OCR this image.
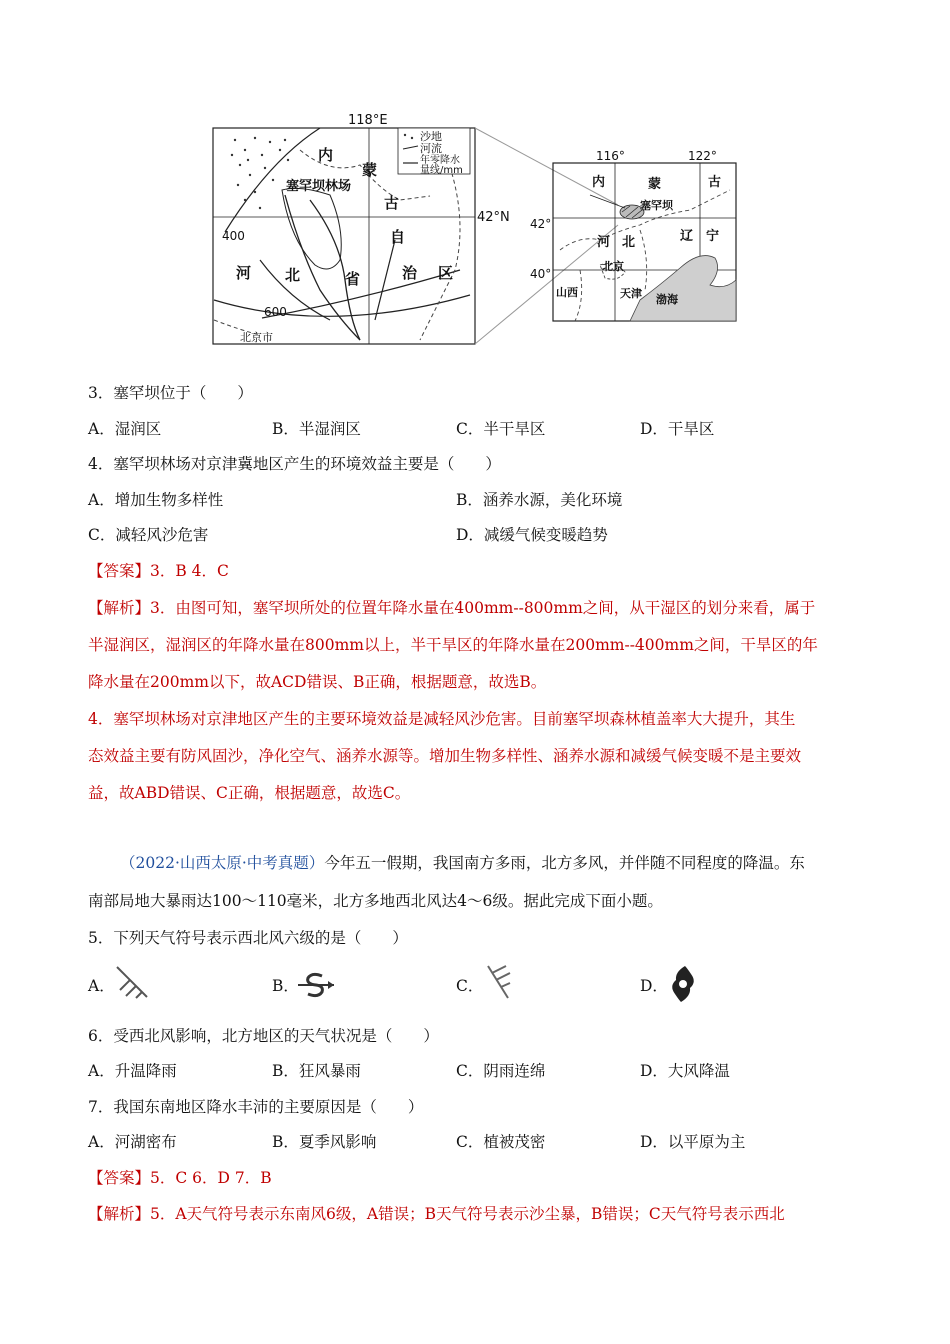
沙地
河流
年零降水
量线/mm
118°E
42°N
内
蒙
古
自
治 区
河 北	省
塞罕坝林场
400
600
北京市
116°	122°
42°
40°
内	蒙	古
塞罕坝
河 北	辽 宁
北京
天津
山西
渤海
3．塞罕坝位于（　　）
A．湿润区	B．半湿润区	C．半干旱区	D．干旱区
4．塞罕坝林场对京津冀地区产生的环境效益主要是（　　）
A．增加生物多样性	B．涵养水源，美化环境
C．减轻风沙危害	D．减缓气候变暖趋势
【答案】3．B 4．C
【解析】3．由图可知，塞罕坝所处的位置年降水量在400mm--800mm之间，从干湿区的划分来看，属于
半湿润区，湿润区的年降水量在800mm以上，半干旱区的年降水量在200mm--400mm之间，干旱区的年
降水量在200mm以下，故ACD错误、B正确，根据题意，故选B。
4．塞罕坝林场对京津地区产生的主要环境效益是减轻风沙危害。目前塞罕坝森林植盖率大大提升，其生
态效益主要有防风固沙，净化空气、涵养水源等。增加生物多样性、涵养水源和减缓气候变暖不是主要效
益，故ABD错误、C正确，根据题意，故选C。
（2022·山西太原·中考真题）今年五一假期，我国南方多雨，北方多风，并伴随不同程度的降温。东
南部局地大暴雨达100～110毫米，北方多地西北风达4～6级。据此完成下面小题。
5．下列天气符号表示西北风六级的是（　　）
A．	B．	C．	D．
6．受西北风影响，北方地区的天气状况是（　　）
A．升温降雨	B．狂风暴雨	C．阴雨连绵	D．大风降温
7．我国东南地区降水丰沛的主要原因是（　　）
A．河湖密布	B．夏季风影响	C．植被茂密	D．以平原为主
【答案】5．C 6．D 7．B
【解析】5．A天气符号表示东南风6级，A错误；B天气符号表示沙尘暴，B错误；C天气符号表示西北
